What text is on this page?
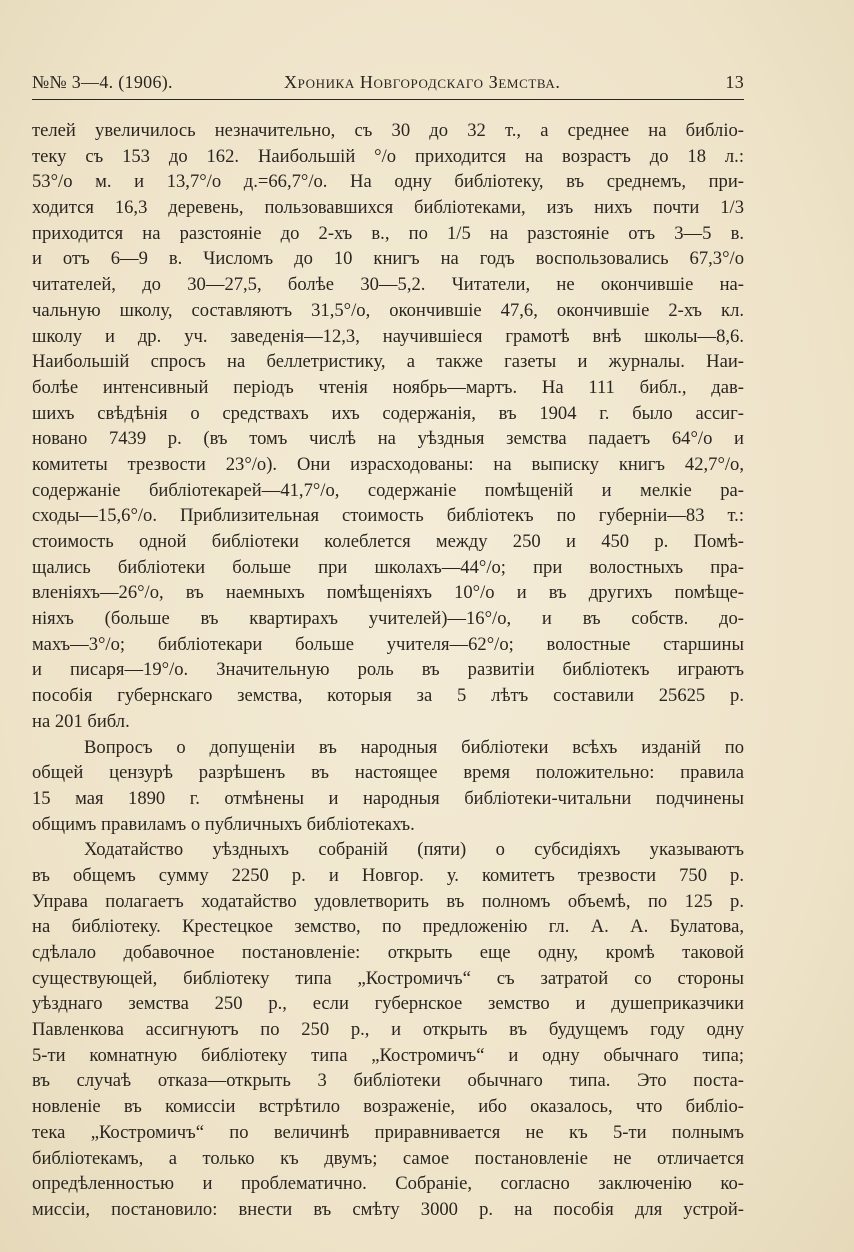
№№ 3—4. (1906).	Хроника Новгородскаго Земства.	13
телей увеличилось незначительно, съ 30 до 32 т., а среднее на библіо-
теку съ 153 до 162. Наибольшій °/o приходится на возрастъ до 18 л.:
53°/o м. и 13,7°/o д.=66,7°/o. На одну библіотеку, въ среднемъ, при-
ходится 16,3 деревень, пользовавшихся библіотеками, изъ нихъ почти 1/3
приходится на разстояніе до 2-хъ в., по 1/5 на разстояніе отъ 3—5 в.
и отъ 6—9 в. Числомъ до 10 книгъ на годъ воспользовались 67,3°/o
читателей, до 30—27,5, болѣе 30—5,2. Читатели, не окончившіе на-
чальную школу, составляютъ 31,5°/o, окончившіе 47,6, окончившіе 2-хъ кл.
школу и др. уч. заведенія—12,3, научившіеся грамотѣ внѣ школы—8,6.
Наибольшій спросъ на беллетристику, а также газеты и журналы. Наи-
болѣе интенсивный періодъ чтенія ноябрь—мартъ. На 111 библ., дав-
шихъ свѣдѣнія о средствахъ ихъ содержанія, въ 1904 г. было ассиг-
новано 7439 р. (въ томъ числѣ на уѣздныя земства падаетъ 64°/o и
комитеты трезвости 23°/o). Они израсходованы: на выписку книгъ 42,7°/o,
содержаніе библіотекарей—41,7°/o, содержаніе помѣщеній и мелкіе ра-
сходы—15,6°/o. Приблизительная стоимость библіотекъ по губерніи—83 т.:
стоимость одной библіотеки колеблется между 250 и 450 р. Помѣ-
щались библіотеки больше при школахъ—44°/o; при волостныхъ пра-
вленіяхъ—26°/o, въ наемныхъ помѣщеніяхъ 10°/o и въ другихъ помѣще-
ніяхъ (больше въ квартирахъ учителей)—16°/o, и въ собств. до-
махъ—3°/o; библіотекари больше учителя—62°/o; волостные старшины
и писаря—19°/o. Значительную роль въ развитіи библіотекъ играютъ
пособія губернскаго земства, которыя за 5 лѣтъ составили 25625 р.
на 201 библ.
Вопросъ о допущеніи въ народныя библіотеки всѣхъ изданій по
общей цензурѣ разрѣшенъ въ настоящее время положительно: правила
15 мая 1890 г. отмѣнены и народныя библіотеки-читальни подчинены
общимъ правиламъ о публичныхъ библіотекахъ.
Ходатайство уѣздныхъ собраній (пяти) о субсидіяхъ указываютъ
въ общемъ сумму 2250 р. и Новгор. у. комитетъ трезвости 750 р.
Управа полагаетъ ходатайство удовлетворить въ полномъ объемѣ, по 125 р.
на библіотеку. Крестецкое земство, по предложенію гл. А. А. Булатова,
сдѣлало добавочное постановленіе: открыть еще одну, кромѣ таковой
существующей, библіотеку типа „Костромичъ“ съ затратой со стороны
уѣзднаго земства 250 р., если губернское земство и душеприказчики
Павленкова ассигнуютъ по 250 р., и открыть въ будущемъ году одну
5-ти комнатную библіотеку типа „Костромичъ“ и одну обычнаго типа;
въ случаѣ отказа—открыть 3 библіотеки обычнаго типа. Это поста-
новленіе въ комиссіи встрѣтило возраженіе, ибо оказалось, что библіо-
тека „Костромичъ“ по величинѣ приравнивается не къ 5-ти полнымъ
библіотекамъ, а только къ двумъ; самое постановленіе не отличается
опредѣленностью и проблематично. Собраніе, согласно заключенію ко-
миссіи, постановило: внести въ смѣту 3000 р. на пособія для устрой-
